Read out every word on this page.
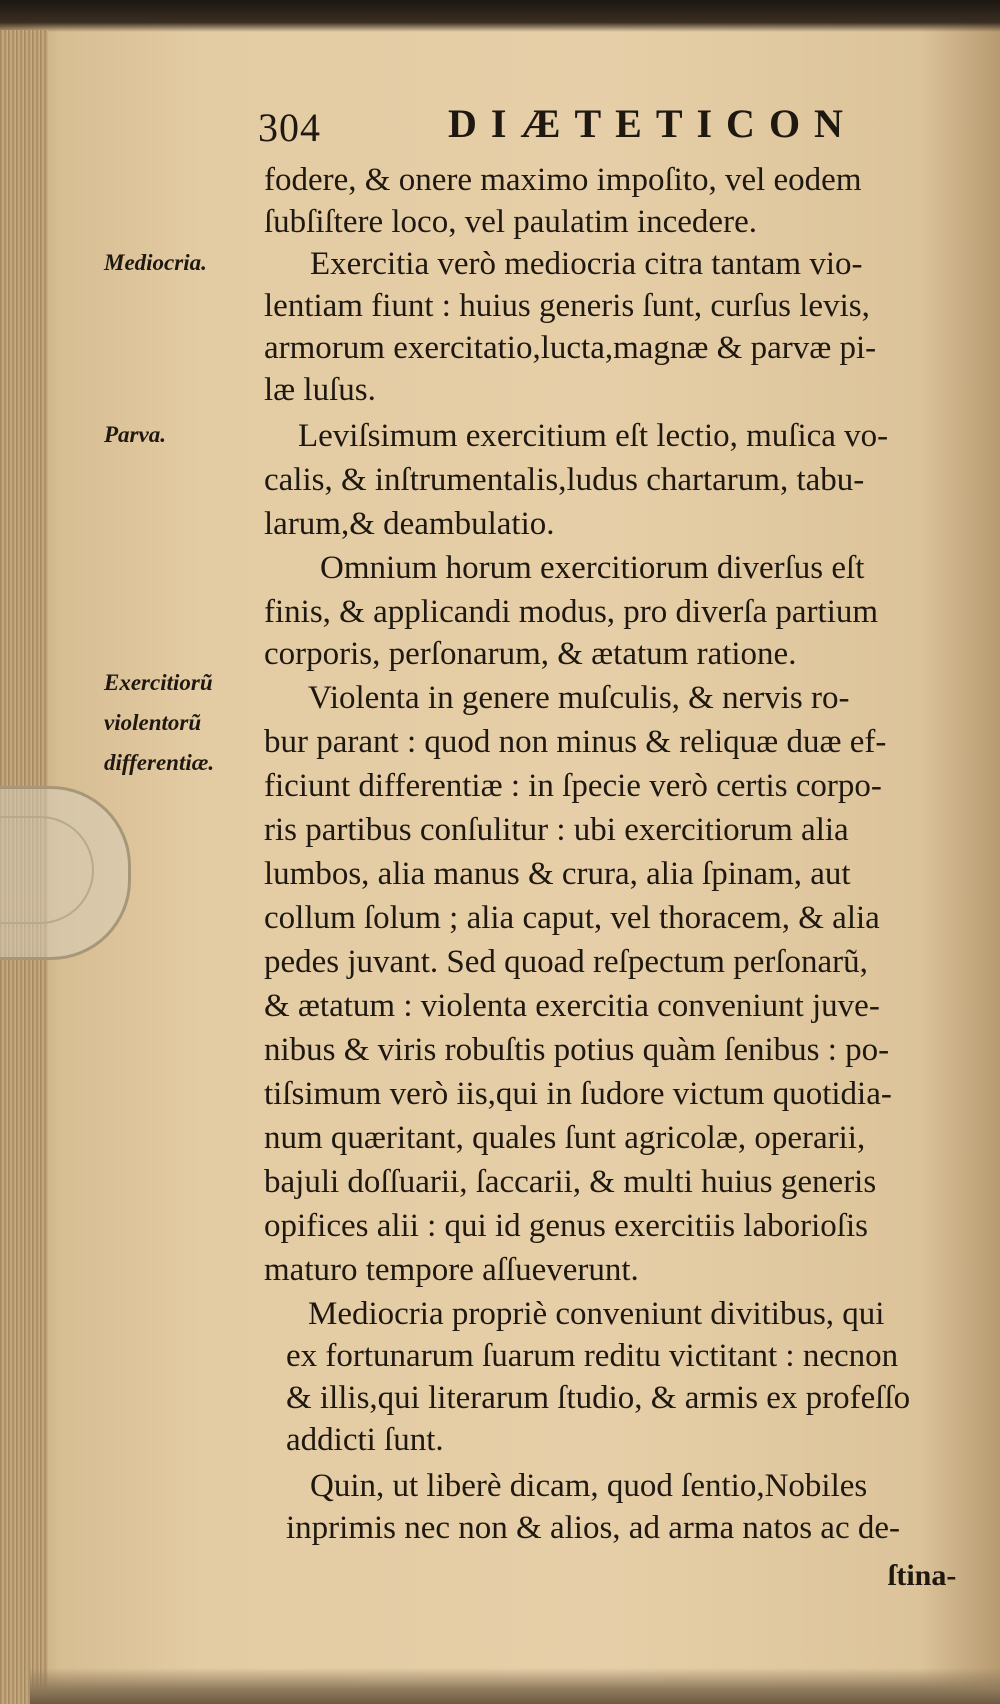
304	DIÆTETICON
Mediocria.
Parva.
Exercitiorũ
violentorũ
differentiæ.
fodere, & onere maximo impoſito, vel eodem
ſubſiſtere loco, vel paulatim incedere.
Exercitia verò mediocria citra tantam vio-
lentiam fiunt : huius generis ſunt, curſus levis,
armorum exercitatio,lucta,magnæ & parvæ pi-
læ luſus.
Leviſsimum exercitium eſt lectio, muſica vo-
calis, & inſtrumentalis,ludus chartarum, tabu-
larum,& deambulatio.
Omnium horum exercitiorum diverſus eſt
finis, & applicandi modus, pro diverſa partium
corporis, perſonarum, & ætatum ratione.
Violenta in genere muſculis, & nervis ro-
bur parant : quod non minus & reliquæ duæ ef-
ficiunt differentiæ : in ſpecie verò certis corpo-
ris partibus conſulitur : ubi exercitiorum alia
lumbos, alia manus & crura, alia ſpinam, aut
collum ſolum ; alia caput, vel thoracem, & alia
pedes juvant. Sed quoad reſpectum perſonarũ,
& ætatum : violenta exercitia conveniunt juve-
nibus & viris robuſtis potius quàm ſenibus : po-
tiſsimum verò iis,qui in ſudore victum quotidia-
num quæritant, quales ſunt agricolæ, operarii,
bajuli doſſuarii, ſaccarii, & multi huius generis
opifices alii : qui id genus exercitiis laborioſis
maturo tempore aſſueverunt.
Mediocria propriè conveniunt divitibus, qui
ex fortunarum ſuarum reditu victitant : necnon
& illis,qui literarum ſtudio, & armis ex profeſſo
addicti ſunt.
Quin, ut liberè dicam, quod ſentio,Nobiles
inprimis nec non & alios, ad arma natos ac de-
ſtina-
